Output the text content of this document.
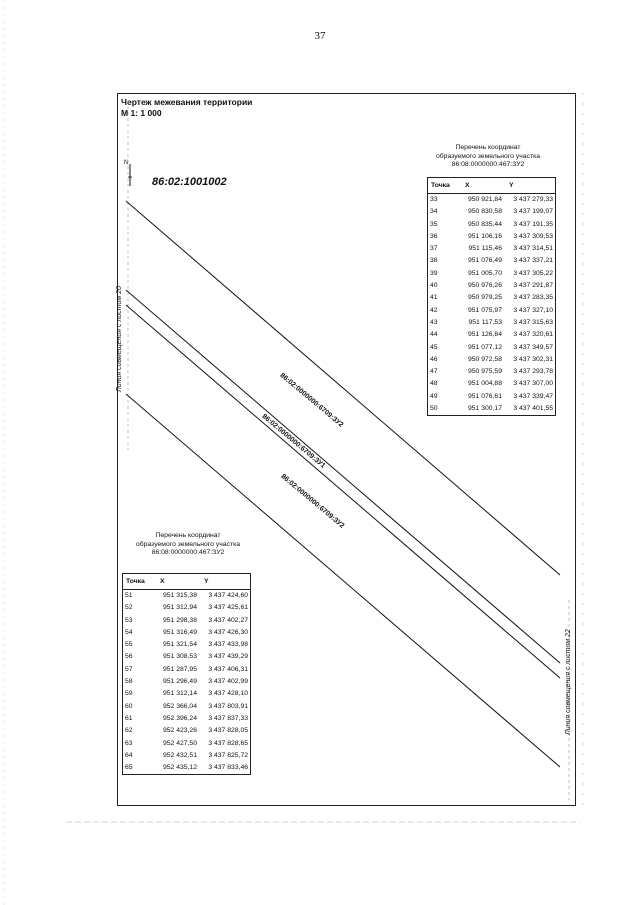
37
Чертеж межевания территории
М 1: 1 000
N
86:02:1001002
Линия совмещения с листом 20
Линия совмещения с листом 22
86:02:0000000:6709:ЗУ2
86:02:0000000:6709:ЗУ1
86:02:0000000:6709:ЗУ2
Перечень координат
образуемого земельного участка
86:08:0000000:467:ЗУ2
Точка	X	Y
33	950 921,84	3 437 279,33
34	950 830,58	3 437 199,07
35	950 835,44	3 437 191,35
36	951 106,16	3 437 309,53
37	951 115,46	3 437 314,51
38	951 076,49	3 437 337,21
39	951 005,70	3 437 305,22
40	950 976,26	3 437 291,87
41	950 979,25	3 437 283,35
42	951 075,97	3 437 327,10
43	951 117,53	3 437 315,63
44	951 126,84	3 437 320,61
45	951 077,12	3 437 349,57
46	950 972,58	3 437 302,31
47	950 975,59	3 437 293,78
48	951 004,88	3 437 307,00
49	951 076,61	3 437 339,47
50	951 300,17	3 437 401,55
Перечень координат
образуемого земельного участка
86:08:0000000:467:ЗУ2
Точка	X	Y
51	951 315,38	3 437 424,60
52	951 312,94	3 437 425,61
53	951 298,38	3 437 402,27
54	951 316,49	3 437 426,30
55	951 321,54	3 437 433,98
56	951 308,53	3 437 439,29
57	951 287,95	3 437 406,31
58	951 296,49	3 437 402,99
59	951 312,14	3 437 428,10
60	952 366,04	3 437 803,91
61	952 396,24	3 437 837,33
62	952 423,26	3 437 828,05
63	952 427,50	3 437 828,65
64	952 432,51	3 437 825,72
65	952 435,12	3 437 833,46
